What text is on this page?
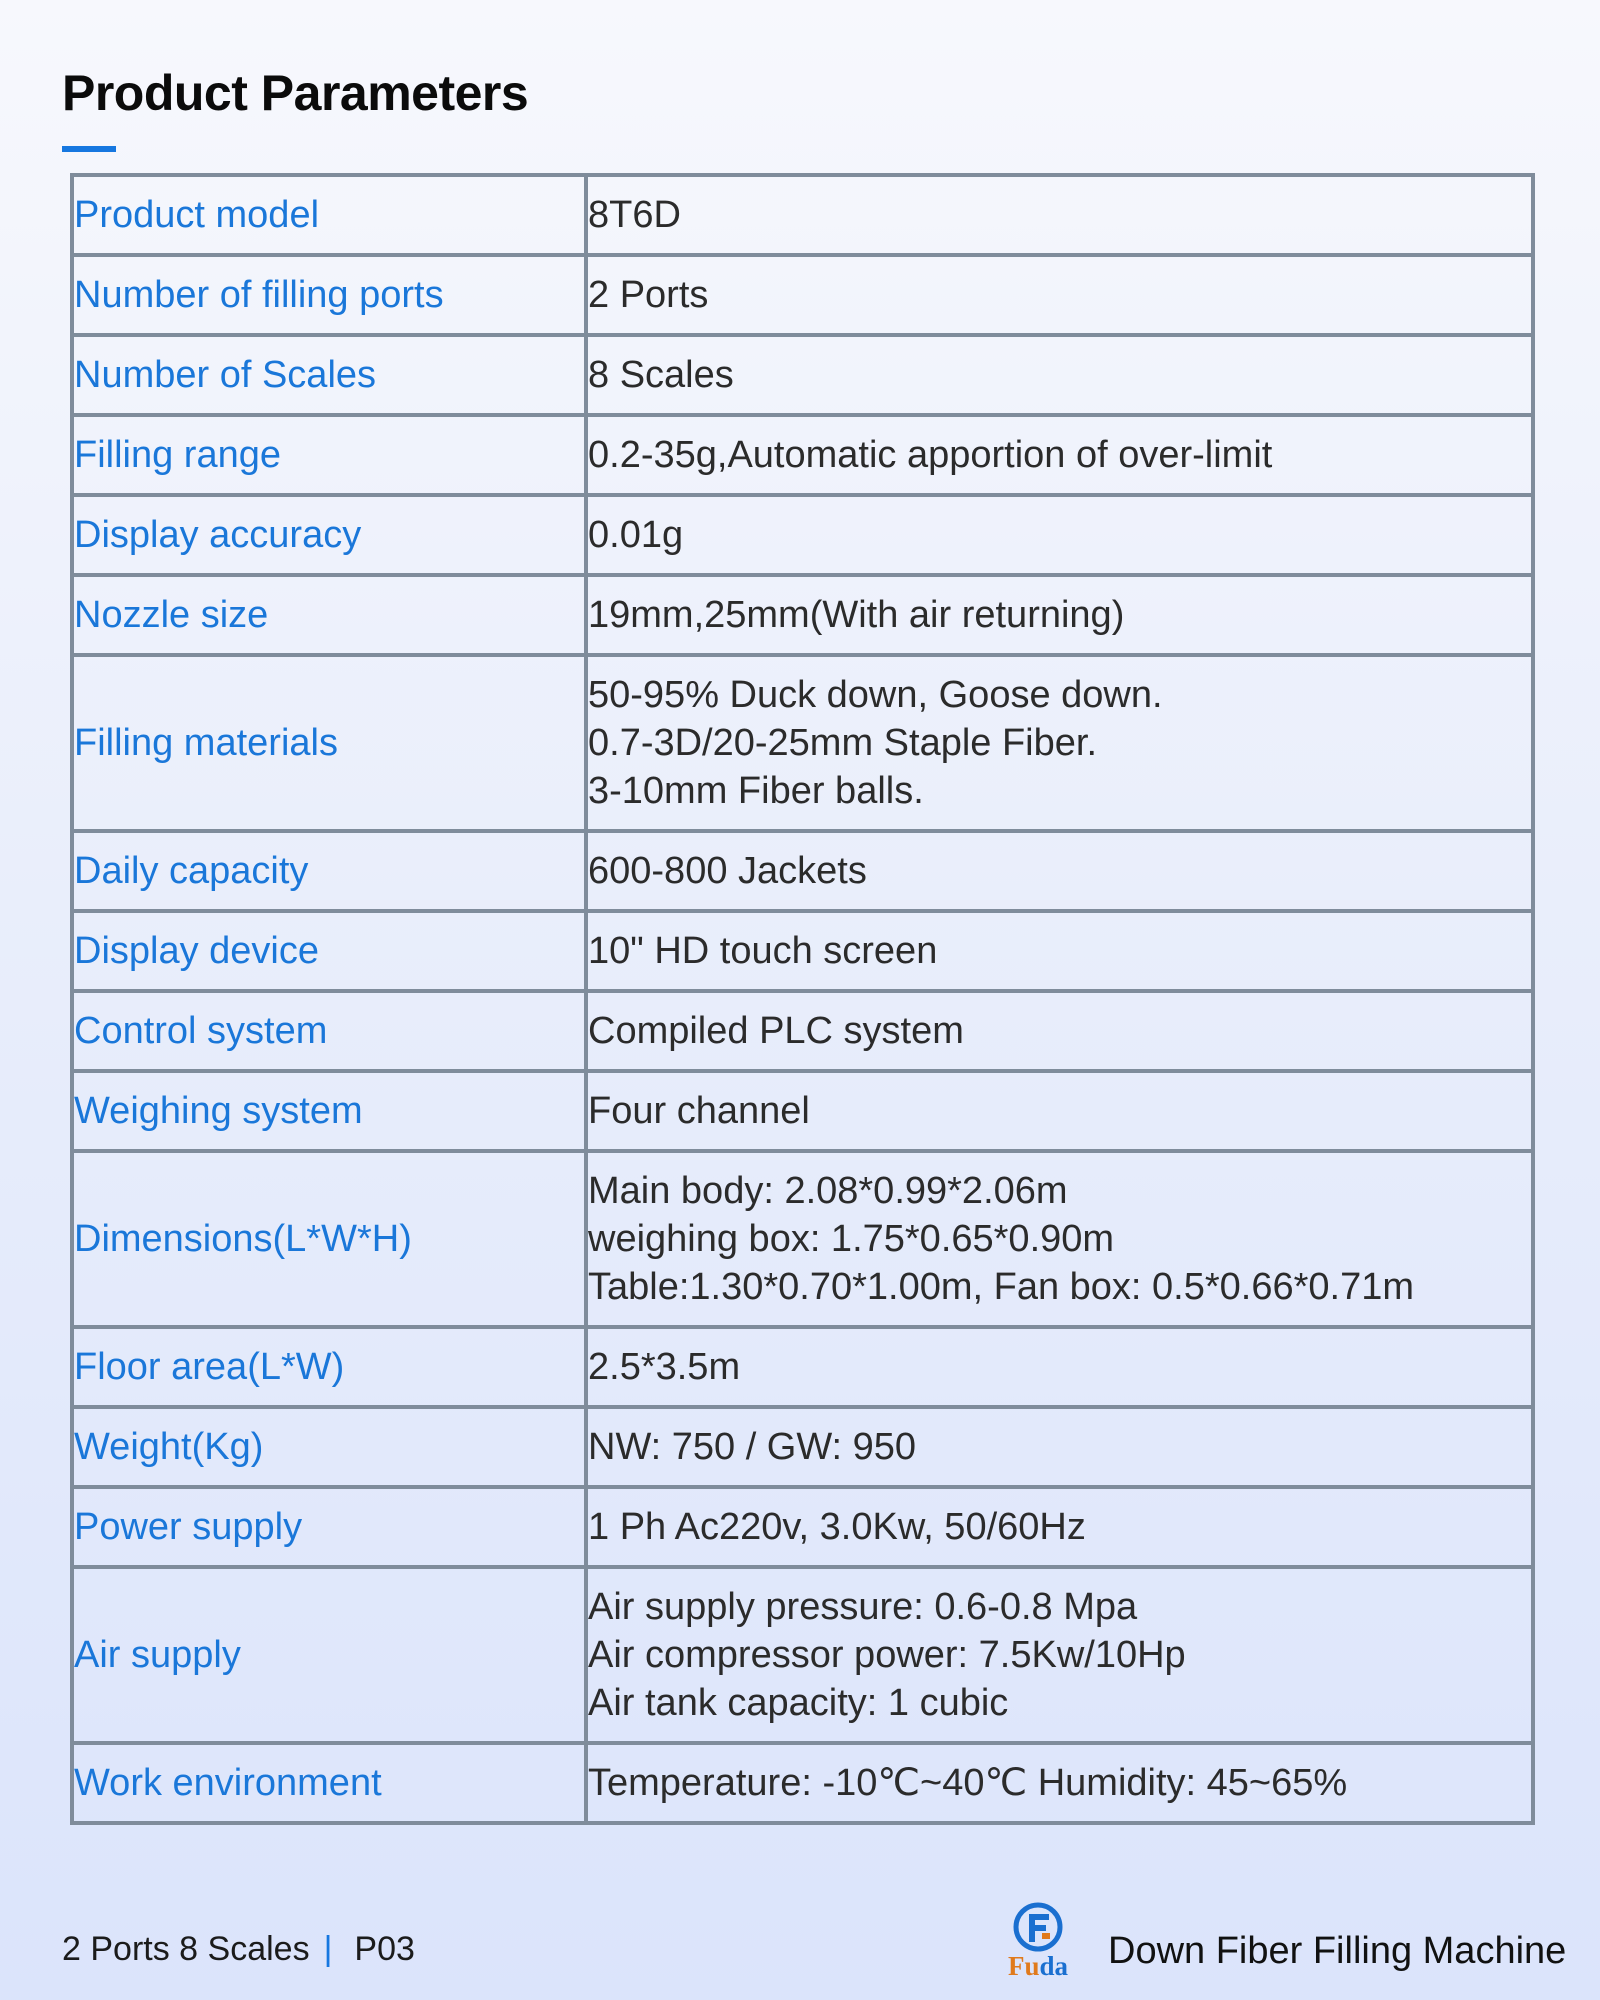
Product Parameters
Product model	8T6D

Number of filling ports	2 Ports

Number of Scales	8 Scales

Filling range	0.2-35g,Automatic apportion of over-limit

Display accuracy	0.01g

Nozzle size	19mm,25mm(With air returning)

Filling materials	50-95% Duck down, Goose down.
0.7-3D/20-25mm Staple Fiber.
3-10mm Fiber balls.

Daily capacity	600-800 Jackets

Display device	10" HD touch screen

Control system	Compiled PLC system

Weighing system	Four channel

Dimensions(L*W*H)	Main body: 2.08*0.99*2.06m
weighing box: 1.75*0.65*0.90m
Table:1.30*0.70*1.00m, Fan box: 0.5*0.66*0.71m

Floor area(L*W)	2.5*3.5m

Weight(Kg)	NW: 750 / GW: 950

Power supply	1 Ph Ac220v, 3.0Kw, 50/60Hz

Air supply	Air supply pressure: 0.6-0.8 Mpa
Air compressor power: 7.5Kw/10Hp
Air tank capacity: 1 cubic

Work environment	Temperature: -10℃~40℃ Humidity: 45~65%
2 Ports 8 Scales | P03	Fuda Down Fiber Filling Machine
